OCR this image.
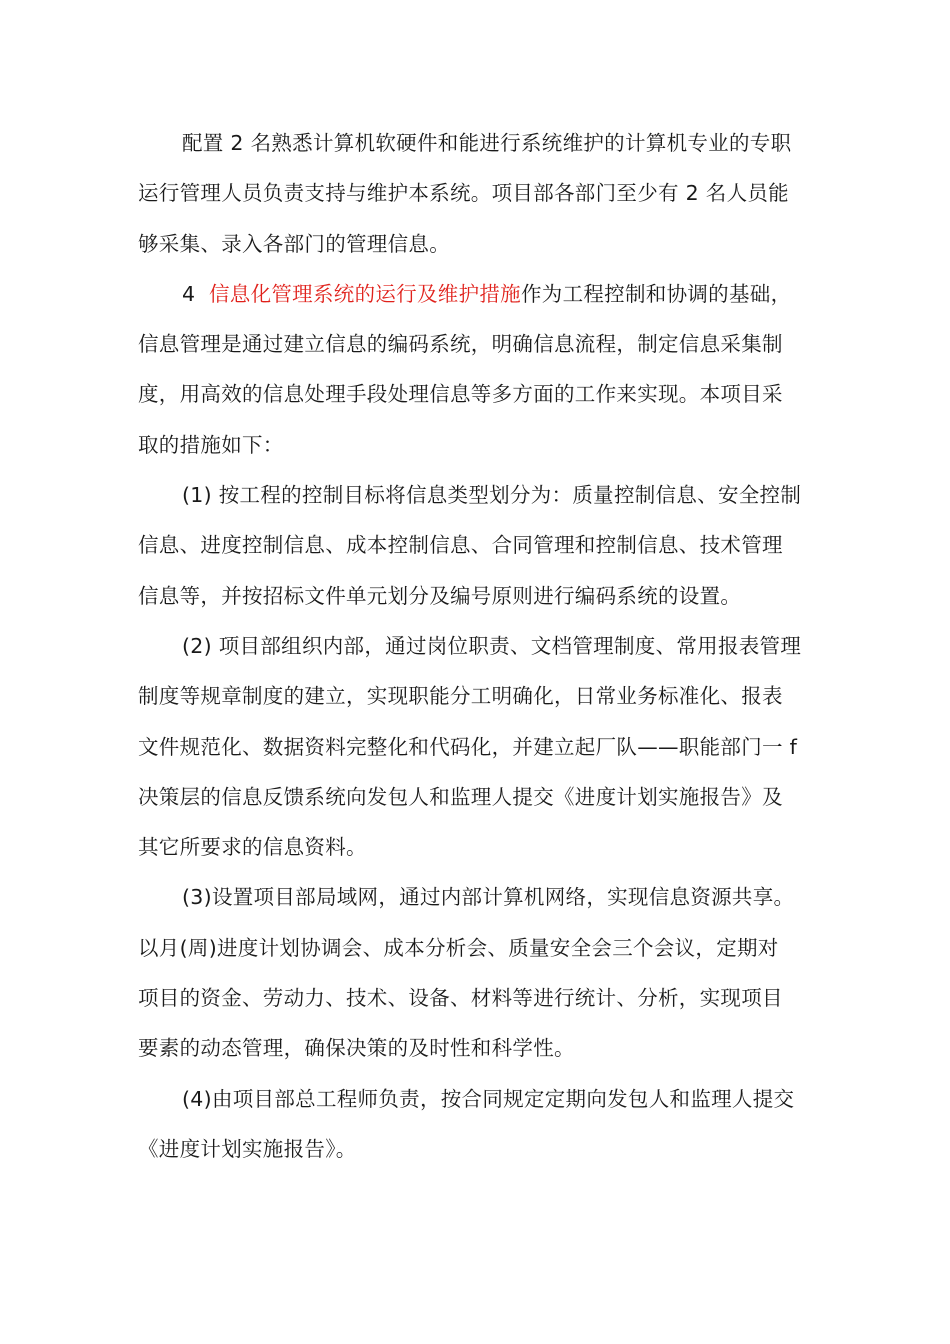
配置 2 名熟悉计算机软硬件和能进行系统维护的计算机专业的专职
运行管理人员负责支持与维护本系统。项目部各部门至少有 2 名人员能
够采集、录入各部门的管理信息。
4  信息化管理系统的运行及维护措施作为工程控制和协调的基础，
信息管理是通过建立信息的编码系统，明确信息流程，制定信息采集制
度，用高效的信息处理手段处理信息等多方面的工作来实现。本项目采
取的措施如下：
(1) 按工程的控制目标将信息类型划分为：质量控制信息、安全控制
信息、进度控制信息、成本控制信息、合同管理和控制信息、技术管理
信息等，并按招标文件单元划分及编号原则进行编码系统的设置。
(2) 项目部组织内部，通过岗位职责、文档管理制度、常用报表管理
制度等规章制度的建立，实现职能分工明确化，日常业务标准化、报表
文件规范化、数据资料完整化和代码化，并建立起厂队——职能部门一 f
决策层的信息反馈系统向发包人和监理人提交《进度计划实施报告》及
其它所要求的信息资料。
(3)设置项目部局域网，通过内部计算机网络，实现信息资源共享。
以月(周)进度计划协调会、成本分析会、质量安全会三个会议，定期对
项目的资金、劳动力、技术、设备、材料等进行统计、分析，实现项目
要素的动态管理，确保决策的及时性和科学性。
(4)由项目部总工程师负责，按合同规定定期向发包人和监理人提交
《进度计划实施报告》。
